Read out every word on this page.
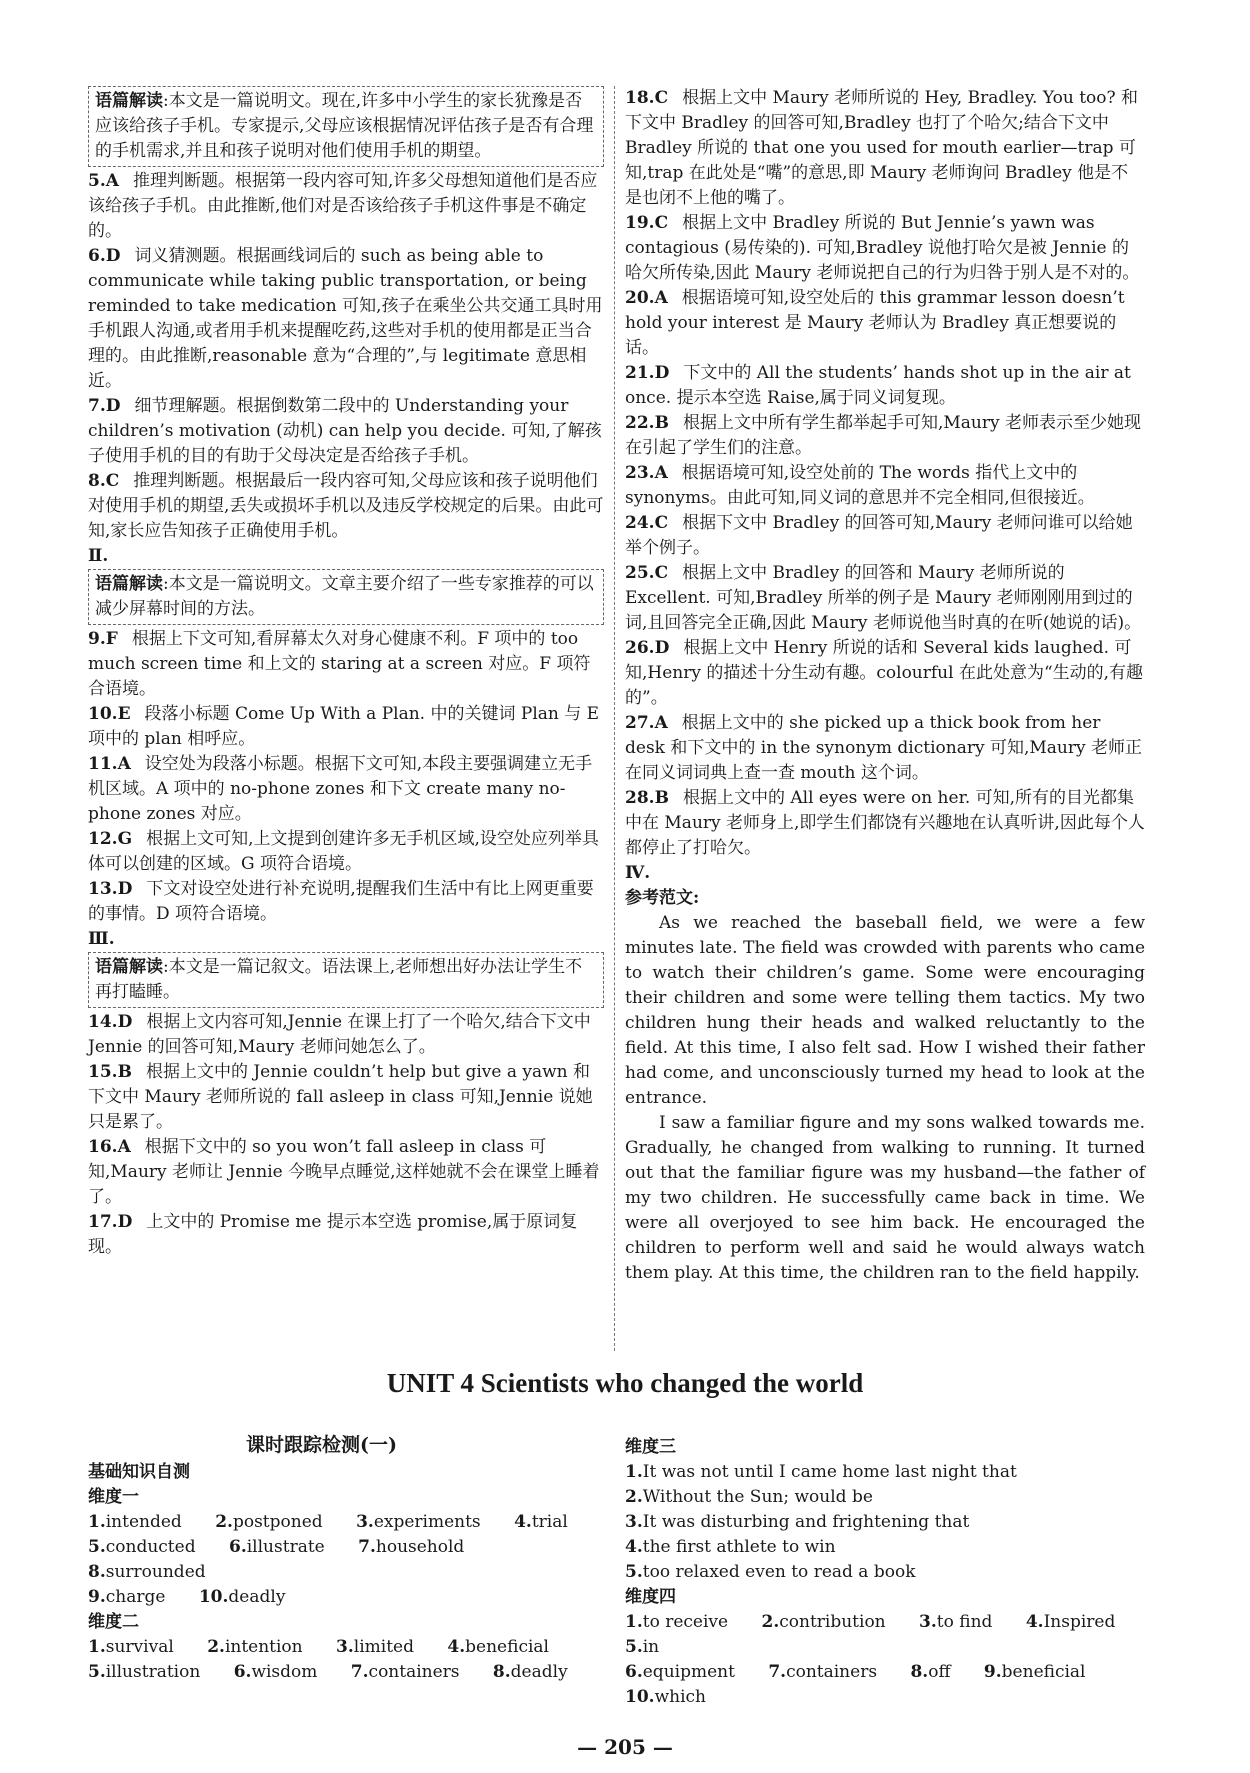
语篇解读:本文是一篇说明文。现在,许多中小学生的家长犹豫是否应该给孩子手机。专家提示,父母应该根据情况评估孩子是否有合理的手机需求,并且和孩子说明对他们使用手机的期望。
5.A 推理判断题。根据第一段内容可知,许多父母想知道他们是否应该给孩子手机。由此推断,他们对是否该给孩子手机这件事是不确定的。
6.D 词义猜测题。根据画线词后的 such as being able to communicate while taking public transportation, or being reminded to take medication 可知,孩子在乘坐公共交通工具时用手机跟人沟通,或者用手机来提醒吃药,这些对手机的使用都是正当合理的。由此推断,reasonable 意为“合理的”,与 legitimate 意思相近。
7.D 细节理解题。根据倒数第二段中的 Understanding your children’s motivation (动机) can help you decide. 可知,了解孩子使用手机的目的有助于父母决定是否给孩子手机。
8.C 推理判断题。根据最后一段内容可知,父母应该和孩子说明他们对使用手机的期望,丢失或损坏手机以及违反学校规定的后果。由此可知,家长应告知孩子正确使用手机。
Ⅱ.
语篇解读:本文是一篇说明文。文章主要介绍了一些专家推荐的可以减少屏幕时间的方法。
9.F 根据上下文可知,看屏幕太久对身心健康不利。F 项中的 too much screen time 和上文的 staring at a screen 对应。F 项符合语境。
10.E 段落小标题 Come Up With a Plan. 中的关键词 Plan 与 E 项中的 plan 相呼应。
11.A 设空处为段落小标题。根据下文可知,本段主要强调建立无手机区域。A 项中的 no-phone zones 和下文 create many no-phone zones 对应。
12.G 根据上文可知,上文提到创建许多无手机区域,设空处应列举具体可以创建的区域。G 项符合语境。
13.D 下文对设空处进行补充说明,提醒我们生活中有比上网更重要的事情。D 项符合语境。
Ⅲ.
语篇解读:本文是一篇记叙文。语法课上,老师想出好办法让学生不再打瞌睡。
14.D 根据上文内容可知,Jennie 在课上打了一个哈欠,结合下文中 Jennie 的回答可知,Maury 老师问她怎么了。
15.B 根据上文中的 Jennie couldn’t help but give a yawn 和下文中 Maury 老师所说的 fall asleep in class 可知,Jennie 说她只是累了。
16.A 根据下文中的 so you won’t fall asleep in class 可知,Maury 老师让 Jennie 今晚早点睡觉,这样她就不会在课堂上睡着了。
17.D 上文中的 Promise me 提示本空选 promise,属于原词复现。
18.C 根据上文中 Maury 老师所说的 Hey, Bradley. You too? 和下文中 Bradley 的回答可知,Bradley 也打了个哈欠;结合下文中 Bradley 所说的 that one you used for mouth earlier—trap 可知,trap 在此处是“嘴”的意思,即 Maury 老师询问 Bradley 他是不是也闭不上他的嘴了。
19.C 根据上文中 Bradley 所说的 But Jennie’s yawn was contagious (易传染的). 可知,Bradley 说他打哈欠是被 Jennie 的哈欠所传染,因此 Maury 老师说把自己的行为归咎于别人是不对的。
20.A 根据语境可知,设空处后的 this grammar lesson doesn’t hold your interest 是 Maury 老师认为 Bradley 真正想要说的话。
21.D 下文中的 All the students’ hands shot up in the air at once. 提示本空选 Raise,属于同义词复现。
22.B 根据上文中所有学生都举起手可知,Maury 老师表示至少她现在引起了学生们的注意。
23.A 根据语境可知,设空处前的 The words 指代上文中的 synonyms。由此可知,同义词的意思并不完全相同,但很接近。
24.C 根据下文中 Bradley 的回答可知,Maury 老师问谁可以给她举个例子。
25.C 根据上文中 Bradley 的回答和 Maury 老师所说的 Excellent. 可知,Bradley 所举的例子是 Maury 老师刚刚用到过的词,且回答完全正确,因此 Maury 老师说他当时真的在听(她说的话)。
26.D 根据上文中 Henry 所说的话和 Several kids laughed. 可知,Henry 的描述十分生动有趣。colourful 在此处意为“生动的,有趣的”。
27.A 根据上文中的 she picked up a thick book from her desk 和下文中的 in the synonym dictionary 可知,Maury 老师正在同义词词典上查一查 mouth 这个词。
28.B 根据上文中的 All eyes were on her. 可知,所有的目光都集中在 Maury 老师身上,即学生们都饶有兴趣地在认真听讲,因此每个人都停止了打哈欠。
Ⅳ.
参考范文:

As we reached the baseball field, we were a few minutes late. The field was crowded with parents who came to watch their children’s game. Some were encouraging their children and some were telling them tactics. My two children hung their heads and walked reluctantly to the field. At this time, I also felt sad. How I wished their father had come, and unconsciously turned my head to look at the entrance.

I saw a familiar figure and my sons walked towards me. Gradually, he changed from walking to running. It turned out that the familiar figure was my husband—the father of my two children. He successfully came back in time. We were all overjoyed to see him back. He encouraged the children to perform well and said he would always watch them play. At this time, the children ran to the field happily.

UNIT 4 Scientists who changed the world
课时跟踪检测(一)
基础知识自测
维度一
1.intended 2.postponed 3.experiments 4.trial
5.conducted 6.illustrate 7.household 8.surrounded
9.charge 10.deadly
维度二
1.survival 2.intention 3.limited 4.beneficial
5.illustration 6.wisdom 7.containers 8.deadly
维度三
1.It was not until I came home last night that
2.Without the Sun; would be
3.It was disturbing and frightening that
4.the first athlete to win
5.too relaxed even to read a book
维度四
1.to receive 2.contribution 3.to find 4.Inspired 5.in
6.equipment 7.containers 8.off 9.beneficial 10.which
— 205 —
